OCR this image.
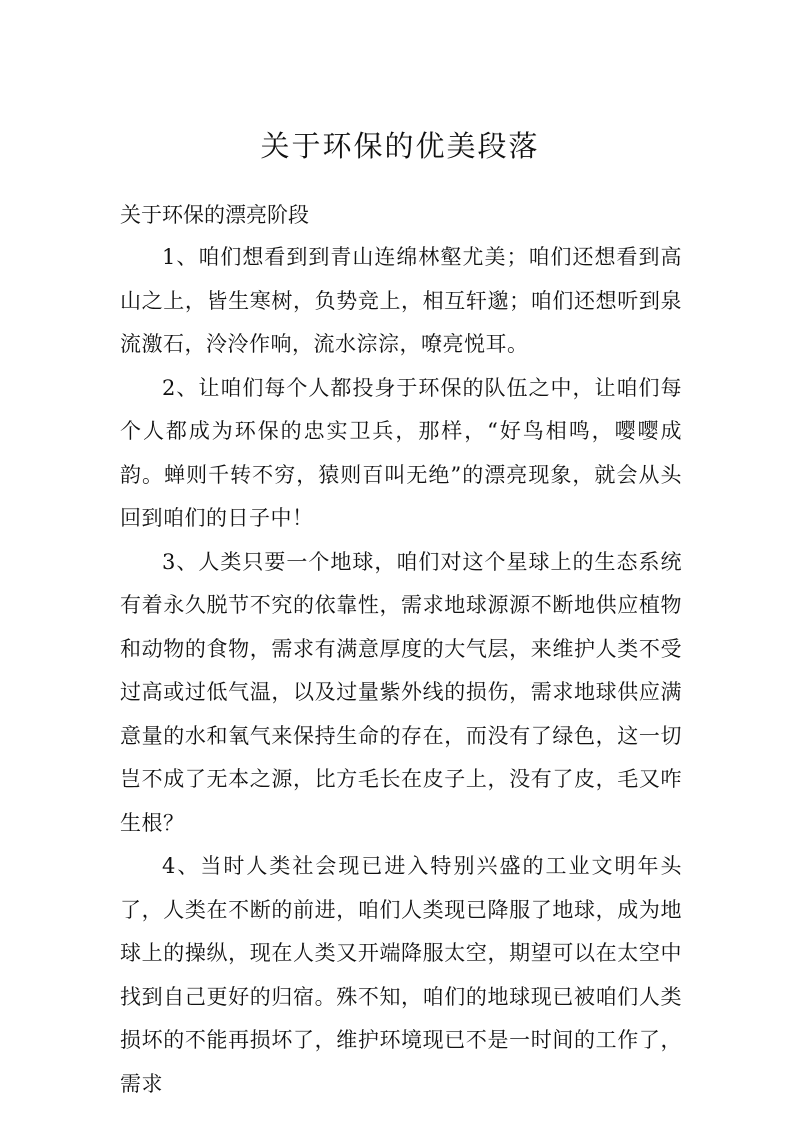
关于环保的优美段落
关于环保的漂亮阶段

1、咱们想看到到青山连绵林壑尤美；咱们还想看到高山之上，皆生寒树，负势竞上，相互轩邈；咱们还想听到泉流激石，泠泠作响，流水淙淙，嘹亮悦耳。

2、让咱们每个人都投身于环保的队伍之中，让咱们每个人都成为环保的忠实卫兵，那样，“好鸟相鸣，嘤嘤成韵。蝉则千转不穷，猿则百叫无绝”的漂亮现象，就会从头回到咱们的日子中！

3、人类只要一个地球，咱们对这个星球上的生态系统有着永久脱节不究的依靠性，需求地球源源不断地供应植物和动物的食物，需求有满意厚度的大气层，来维护人类不受过高或过低气温，以及过量紫外线的损伤，需求地球供应满意量的水和氧气来保持生命的存在，而没有了绿色，这一切岂不成了无本之源，比方毛长在皮子上，没有了皮，毛又咋生根？

4、当时人类社会现已进入特别兴盛的工业文明年头了，人类在不断的前进，咱们人类现已降服了地球，成为地球上的操纵，现在人类又开端降服太空，期望可以在太空中找到自己更好的归宿。殊不知，咱们的地球现已被咱们人类损坏的不能再损坏了，维护环境现已不是一时间的工作了，需求
